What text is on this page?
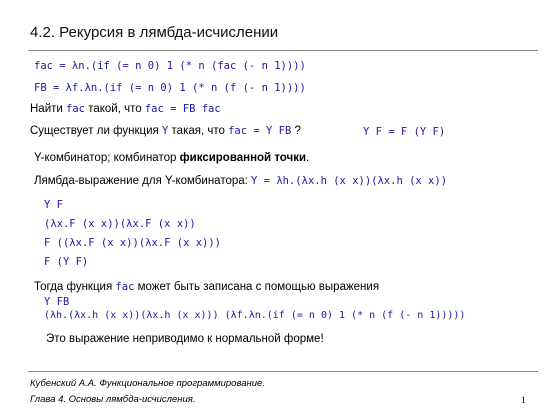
4.2. Рекурсия в лямбда-исчислении
fac = λn.(if (= n 0) 1 (* n (fac (- n 1))))
FB = λf.λn.(if (= n 0) 1 (* n (f (- n 1))))
Найти fac такой, что fac = FB fac
Существует ли функция Y такая, что fac = Y FB ?	Y F = F (Y F)
Y-комбинатор; комбинатор фиксированной точки.
Лямбда-выражение для Y-комбинатора: Y = λh.(λx.h (x x))(λx.h (x x))
Y F
(λx.F (x x))(λx.F (x x))
F ((λx.F (x x))(λx.F (x x)))
F (Y F)
Тогда функция fac может быть записана с помощью выражения
Y FB
(λh.(λx.h (x x))(λx.h (x x))) (λf.λn.(if (= n 0) 1 (* n (f (- n 1)))))
Это выражение неприводимо к нормальной форме!
Кубенский А.А. Функциональное программирование.
Глава 4. Основы лямбда-исчисления.	1
